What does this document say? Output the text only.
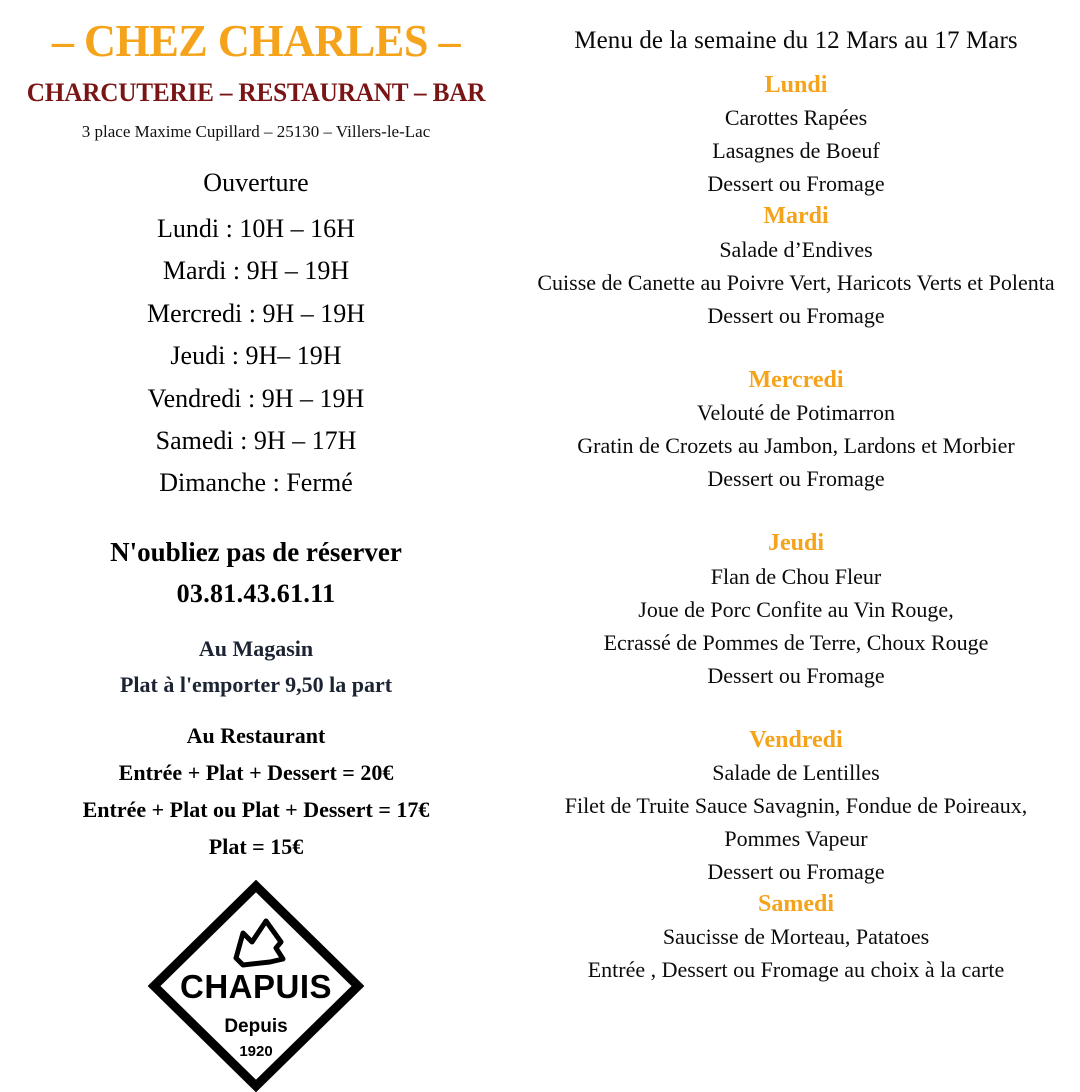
– CHEZ CHARLES –
CHARCUTERIE – RESTAURANT – BAR
3 place Maxime Cupillard – 25130 – Villers-le-Lac
Ouverture
Lundi : 10H – 16H
Mardi : 9H – 19H
Mercredi : 9H – 19H
Jeudi : 9H– 19H
Vendredi : 9H – 19H
Samedi : 9H – 17H
Dimanche : Fermé
N'oubliez pas de réserver
03.81.43.61.11
Au Magasin
Plat à l'emporter 9,50 la part
Au Restaurant
Entrée + Plat + Dessert = 20€
Entrée + Plat ou Plat + Dessert = 17€
Plat = 15€
CHAPUIS
Depuis
1920
Menu de la semaine du 12 Mars au 17 Mars
Lundi
Carottes Rapées
Lasagnes de Boeuf
Dessert ou Fromage
Mardi
Salade d’Endives
Cuisse de Canette au Poivre Vert, Haricots Verts et Polenta
Dessert ou Fromage
Mercredi
Velouté de Potimarron
Gratin de Crozets au Jambon, Lardons et Morbier
Dessert ou Fromage
Jeudi
Flan de Chou Fleur
Joue de Porc Confite au Vin Rouge,
Ecrassé de Pommes de Terre, Choux Rouge
Dessert ou Fromage
Vendredi
Salade de Lentilles
Filet de Truite Sauce Savagnin, Fondue de Poireaux,
Pommes Vapeur
Dessert ou Fromage
Samedi
Saucisse de Morteau, Patatoes
Entrée , Dessert ou Fromage au choix à la carte
